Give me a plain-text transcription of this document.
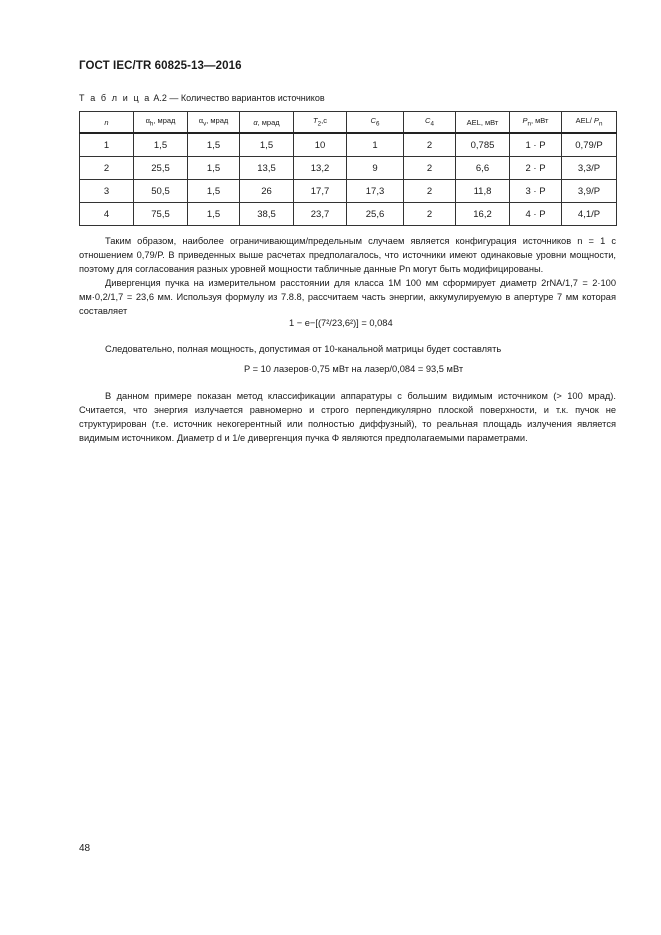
ГОСТ IEC/TR 60825-13—2016
Т а б л и ц а A.2 — Количество вариантов источников
n	$\alpha_h$, мрад	$\alpha_v$, мрад	α, мрад	$T_2,с$	$C_6$	$C_4$	AEL, мВт	$P_n$, мВт	AEL/ $P_n$
1	1,5	1,5	1,5	10	1	2	0,785	1 · P	0,79/P
2	25,5	1,5	13,5	13,2	9	2	6,6	2 · P	3,3/P
3	50,5	1,5	26	17,7	17,3	2	11,8	3 · P	3,9/P
4	75,5	1,5	38,5	23,7	25,6	2	16,2	4 · P	4,1/P

Таким образом, наиболее ограничивающим/предельным случаем является конфигурация источников n = 1 с отношением 0,79/P. В приведенных выше расчетах предполагалось, что источники имеют одинаковые уровни мощности, поэтому для согласования разных уровней мощности табличные данные Pn могут быть модифицированы.

Дивергенция пучка на измерительном расстоянии для класса 1М 100 мм сформирует диаметр 2rNA/1,7 = 2·100 мм·0,2/1,7 = 23,6 мм. Используя формулу из 7.8.8, рассчитаем часть энергии, аккумулируемую в апертуре 7 мм которая составляет

1 − e−[(7²/23,6²)] = 0,084

Следовательно, полная мощность, допустимая от 10-канальной матрицы будет составлять

P = 10 лазеров·0,75 мВт на лазер/0,084 = 93,5 мВт

В данном примере показан метод классификации аппаратуры с большим видимым источником (> 100 мрад). Считается, что энергия излучается равномерно и строго перпендикулярно плоской поверхности, и т.к. пучок не структурирован (т.е. источник некогерентный или полностью диффузный), то реальная площадь излучения является видимым источником. Диаметр d и 1/e дивергенция пучка Φ являются предполагаемыми параметрами.

48
